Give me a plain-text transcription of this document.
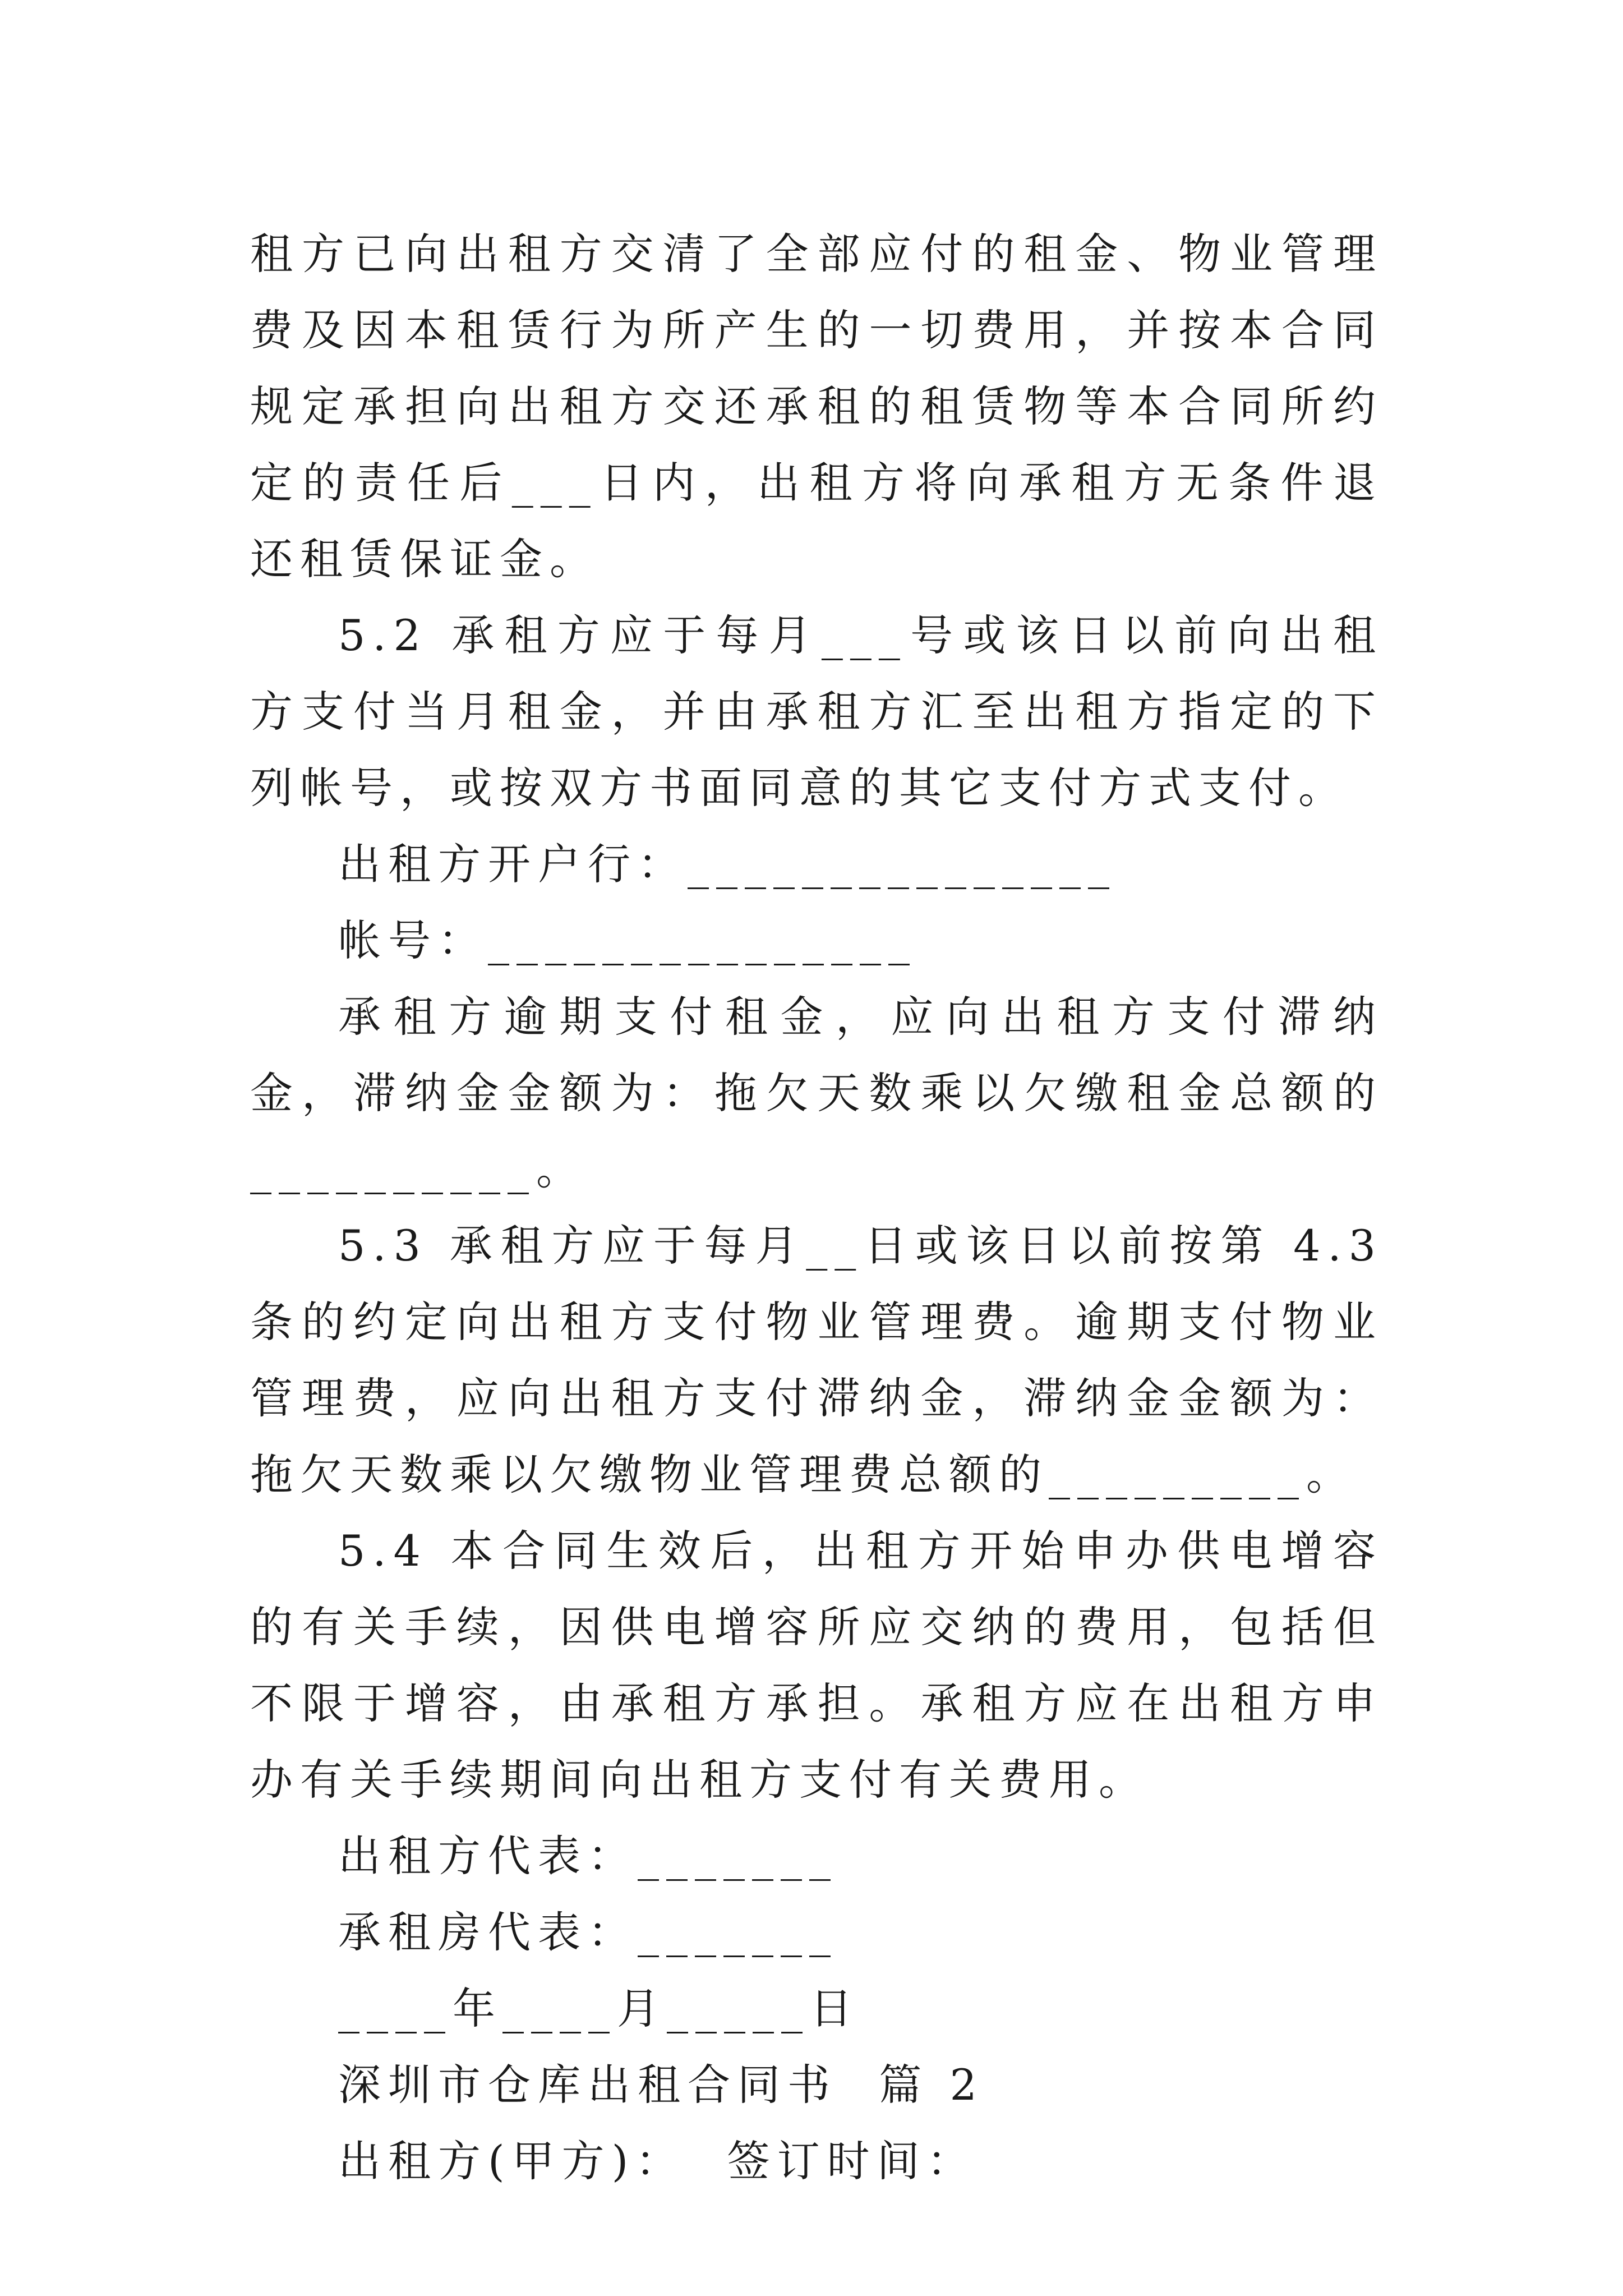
租方已向出租方交清了全部应付的租金、物业管理费及因本租赁行为所产生的一切费用，并按本合同规定承担向出租方交还承租的租赁物等本合同所约定的责任后___日内，出租方将向承租方无条件退还租赁保证金。

5.2 承租方应于每月___号或该日以前向出租方支付当月租金，并由承租方汇至出租方指定的下列帐号，或按双方书面同意的其它支付方式支付。

出租方开户行：_______________

帐号：_______________

承租方逾期支付租金，应向出租方支付滞纳金，滞纳金金额为：拖欠天数乘以欠缴租金总额的__________。

5.3 承租方应于每月__日或该日以前按第 4.3 条的约定向出租方支付物业管理费。逾期支付物业管理费，应向出租方支付滞纳金，滞纳金金额为：拖欠天数乘以欠缴物业管理费总额的_________。

5.4 本合同生效后，出租方开始申办供电增容的有关手续，因供电增容所应交纳的费用，包括但不限于增容，由承租方承担。承租方应在出租方申办有关手续期间向出租方支付有关费用。

出租方代表：_______

承租房代表：_______

____年____月_____日

深圳市仓库出租合同书  篇 2

出租方(甲方)：  签订时间：
